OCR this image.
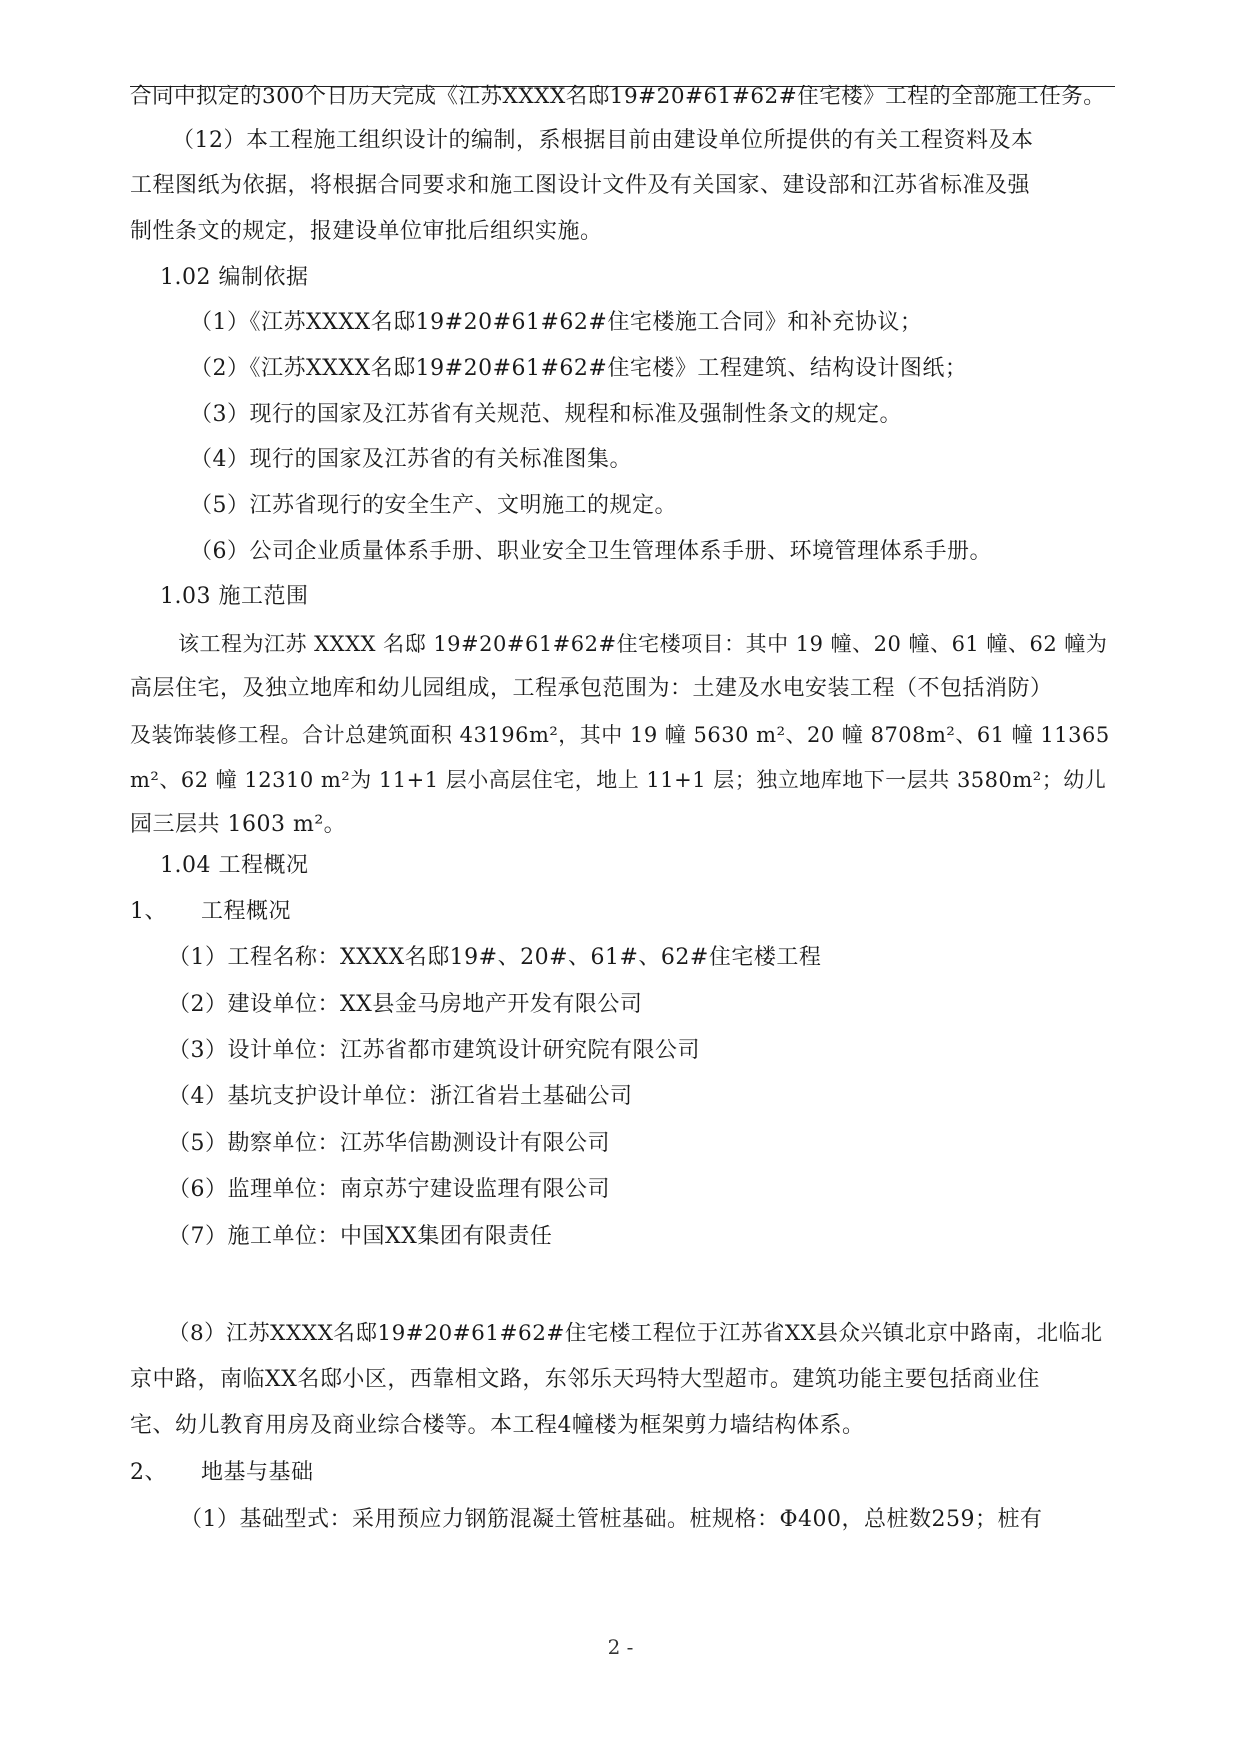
合同中拟定的300个日历天完成《江苏XXXX名邸19#20#61#62#住宅楼》工程的全部施工任务。
（12）本工程施工组织设计的编制，系根据目前由建设单位所提供的有关工程资料及本
工程图纸为依据，将根据合同要求和施工图设计文件及有关国家、建设部和江苏省标准及强
制性条文的规定，报建设单位审批后组织实施。
1.02 编制依据
（1）《江苏XXXX名邸19#20#61#62#住宅楼施工合同》和补充协议；
（2）《江苏XXXX名邸19#20#61#62#住宅楼》工程建筑、结构设计图纸；
（3）现行的国家及江苏省有关规范、规程和标准及强制性条文的规定。
（4）现行的国家及江苏省的有关标准图集。
（5）江苏省现行的安全生产、文明施工的规定。
（6）公司企业质量体系手册、职业安全卫生管理体系手册、环境管理体系手册。
1.03 施工范围
该工程为江苏 XXXX 名邸 19#20#61#62#住宅楼项目：其中 19 幢、20 幢、61 幢、62 幢为
高层住宅，及独立地库和幼儿园组成，工程承包范围为：土建及水电安装工程（不包括消防）
及装饰装修工程。合计总建筑面积 43196m²，其中 19 幢 5630 m²、20 幢 8708m²、61 幢 11365
m²、62 幢 12310 m²为 11+1 层小高层住宅，地上 11+1 层；独立地库地下一层共 3580m²；幼儿
园三层共 1603 m²。
1.04 工程概况
1、　　工程概况
（1）工程名称：XXXX名邸19#、20#、61#、62#住宅楼工程
（2）建设单位：XX县金马房地产开发有限公司
（3）设计单位：江苏省都市建筑设计研究院有限公司
（4）基坑支护设计单位：浙江省岩土基础公司
（5）勘察单位：江苏华信勘测设计有限公司
（6）监理单位：南京苏宁建设监理有限公司
（7）施工单位：中国XX集团有限责任
（8）江苏XXXX名邸19#20#61#62#住宅楼工程位于江苏省XX县众兴镇北京中路南，北临北
京中路，南临XX名邸小区，西靠相文路，东邻乐天玛特大型超市。建筑功能主要包括商业住
宅、幼儿教育用房及商业综合楼等。本工程4幢楼为框架剪力墙结构体系。
2、　　地基与基础
（1）基础型式：采用预应力钢筋混凝土管桩基础。桩规格：Φ400，总桩数259；桩有
2 -
